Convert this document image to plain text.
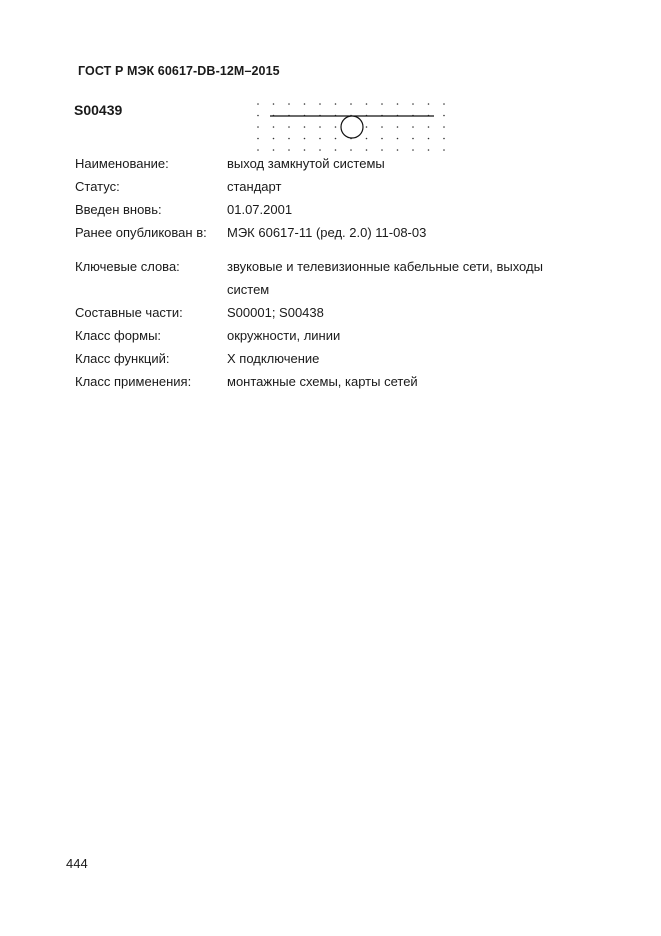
ГОСТ Р МЭК 60617-DB-12M–2015
S00439
Наименование:	выход замкнутой системы
Статус:	стандарт
Введен вновь:	01.07.2001
Ранее опубликован в:	МЭК 60617-11 (ред. 2.0) 11-08-03
Ключевые слова:	звуковые и телевизионные кабельные сети, выходы
систем
Составные части:	S00001; S00438
Класс формы:	окружности, линии
Класс функций:	Х подключение
Класс применения:	монтажные схемы, карты сетей
444
